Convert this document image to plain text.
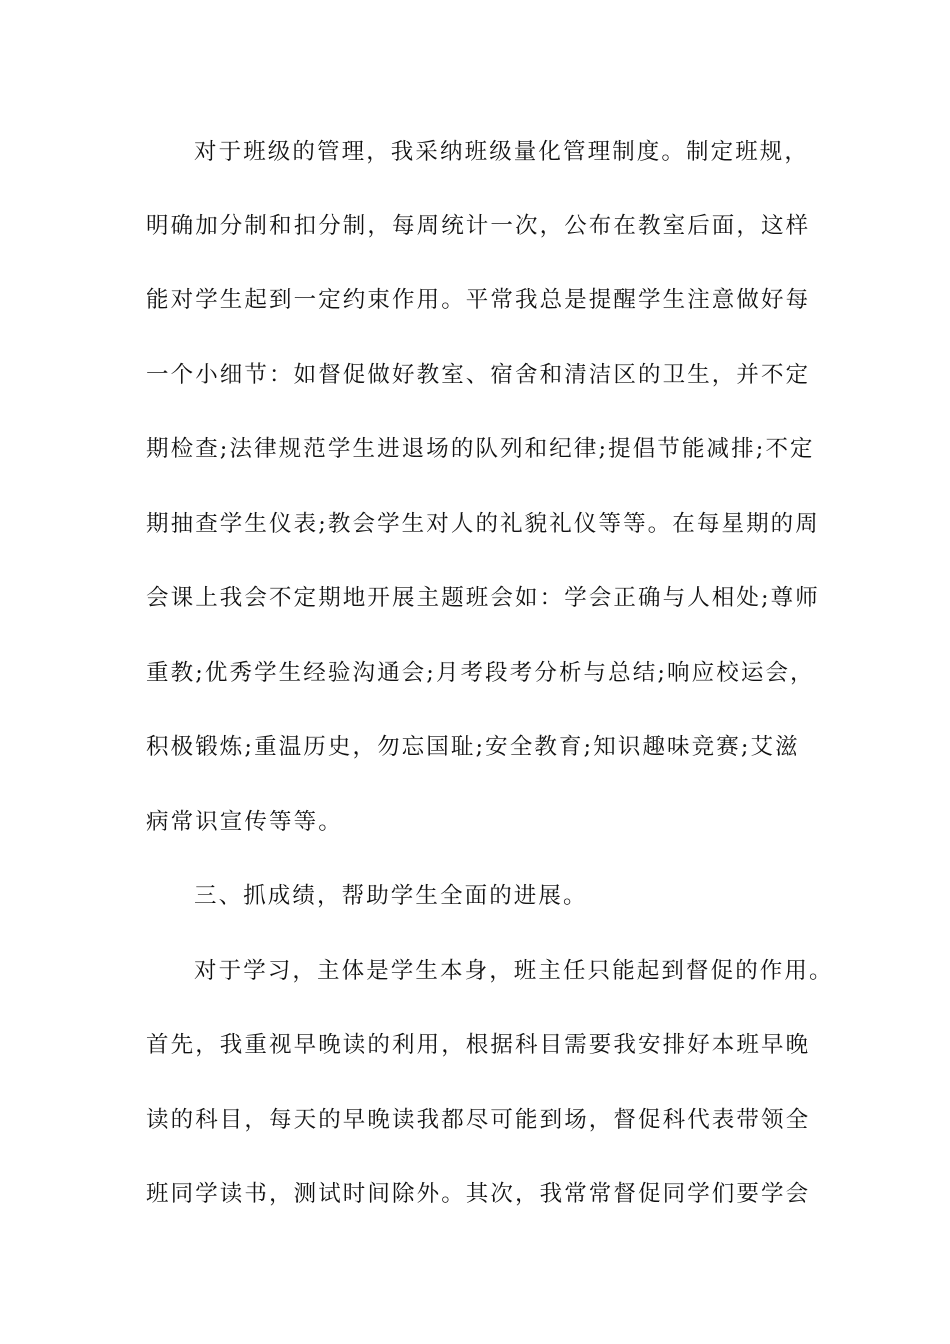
对于班级的管理，我采纳班级量化管理制度。制定班规，
明确加分制和扣分制，每周统计一次，公布在教室后面，这样
能对学生起到一定约束作用。平常我总是提醒学生注意做好每
一个小细节：如督促做好教室、宿舍和清洁区的卫生，并不定
期检查;法律规范学生进退场的队列和纪律;提倡节能减排;不定
期抽查学生仪表;教会学生对人的礼貌礼仪等等。在每星期的周
会课上我会不定期地开展主题班会如：学会正确与人相处;尊师
重教;优秀学生经验沟通会;月考段考分析与总结;响应校运会，
积极锻炼;重温历史，勿忘国耻;安全教育;知识趣味竞赛;艾滋
病常识宣传等等。
三、抓成绩，帮助学生全面的进展。
对于学习，主体是学生本身，班主任只能起到督促的作用。
首先，我重视早晚读的利用，根据科目需要我安排好本班早晚
读的科目，每天的早晚读我都尽可能到场，督促科代表带领全
班同学读书，测试时间除外。其次，我常常督促同学们要学会
